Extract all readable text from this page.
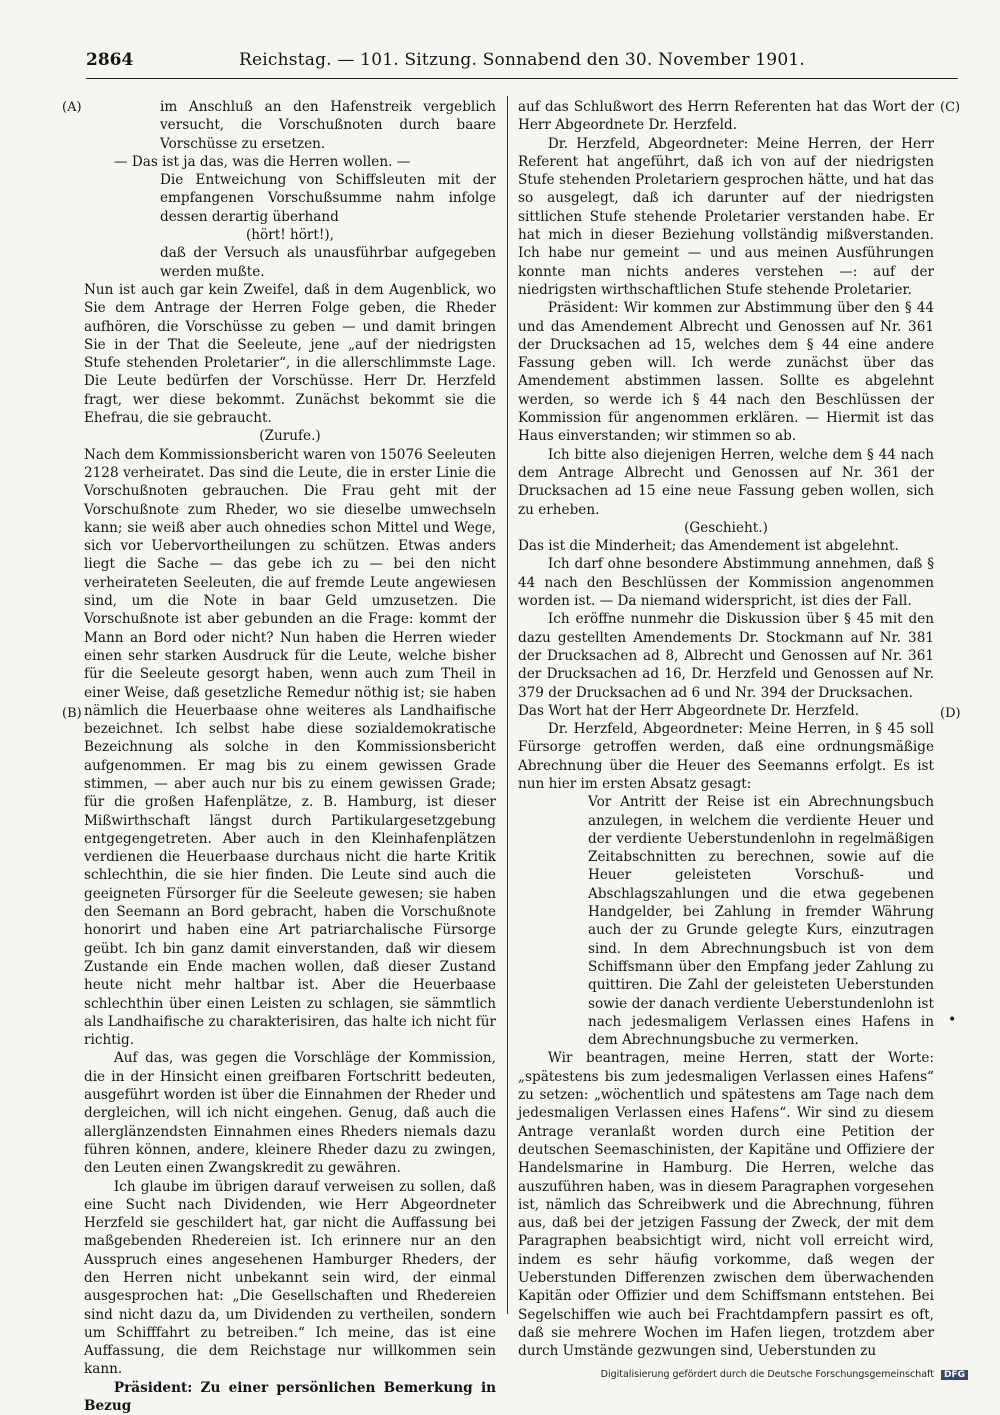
2864	Reichstag. — 101. Sitzung. Sonnabend den 30. November 1901.
(A)
(B)
(C)
(D)

im Anschluß an den Hafenstreik vergeblich versucht, die Vorschußnoten durch baare Vorschüsse zu ersetzen.

— Das ist ja das, was die Herren wollen. —

Die Entweichung von Schiffsleuten mit der empfangenen Vorschußsumme nahm infolge dessen derartig überhand

(hört! hört!),

daß der Versuch als unausführbar aufgegeben werden mußte.

Nun ist auch gar kein Zweifel, daß in dem Augenblick, wo Sie dem Antrage der Herren Folge geben, die Rheder aufhören, die Vorschüsse zu geben — und damit bringen Sie in der That die Seeleute, jene „auf der niedrigsten Stufe stehenden Proletarier“, in die allerschlimmste Lage. Die Leute bedürfen der Vorschüsse. Herr Dr. Herzfeld fragt, wer diese bekommt. Zunächst bekommt sie die Ehefrau, die sie gebraucht.

(Zurufe.)

Nach dem Kommissionsbericht waren von 15076 Seeleuten 2128 verheiratet. Das sind die Leute, die in erster Linie die Vorschußnoten gebrauchen. Die Frau geht mit der Vorschußnote zum Rheder, wo sie dieselbe umwechseln kann; sie weiß aber auch ohnedies schon Mittel und Wege, sich vor Uebervortheilungen zu schützen. Etwas anders liegt die Sache — das gebe ich zu — bei den nicht verheirateten Seeleuten, die auf fremde Leute angewiesen sind, um die Note in baar Geld umzusetzen. Die Vorschußnote ist aber gebunden an die Frage: kommt der Mann an Bord oder nicht? Nun haben die Herren wieder einen sehr starken Ausdruck für die Leute, welche bisher für die Seeleute gesorgt haben, wenn auch zum Theil in einer Weise, daß gesetzliche Remedur nöthig ist; sie haben nämlich die Heuerbaase ohne weiteres als Landhaifische bezeichnet. Ich selbst habe diese sozialdemokratische Bezeichnung als solche in den Kommissionsbericht aufgenommen. Er mag bis zu einem gewissen Grade stimmen, — aber auch nur bis zu einem gewissen Grade; für die großen Hafenplätze, z. B. Hamburg, ist dieser Mißwirthschaft längst durch Partikulargesetzgebung entgegengetreten. Aber auch in den Kleinhafenplätzen verdienen die Heuerbaase durchaus nicht die harte Kritik schlechthin, die sie hier finden. Die Leute sind auch die geeigneten Fürsorger für die Seeleute gewesen; sie haben den Seemann an Bord gebracht, haben die Vorschußnote honorirt und haben eine Art patriarchalische Fürsorge geübt. Ich bin ganz damit einverstanden, daß wir diesem Zustande ein Ende machen wollen, daß dieser Zustand heute nicht mehr haltbar ist. Aber die Heuerbaase schlechthin über einen Leisten zu schlagen, sie sämmtlich als Landhaifische zu charakterisiren, das halte ich nicht für richtig.

Auf das, was gegen die Vorschläge der Kommission, die in der Hinsicht einen greifbaren Fortschritt bedeuten, ausgeführt worden ist über die Einnahmen der Rheder und dergleichen, will ich nicht eingehen. Genug, daß auch die allerglänzendsten Einnahmen eines Rheders niemals dazu führen können, andere, kleinere Rheder dazu zu zwingen, den Leuten einen Zwangskredit zu gewähren.

Ich glaube im übrigen darauf verweisen zu sollen, daß eine Sucht nach Dividenden, wie Herr Abgeordneter Herzfeld sie geschildert hat, gar nicht die Auffassung bei maßgebenden Rhedereien ist. Ich erinnere nur an den Ausspruch eines angesehenen Hamburger Rheders, der den Herren nicht unbekannt sein wird, der einmal ausgesprochen hat: „Die Gesellschaften und Rhedereien sind nicht dazu da, um Dividenden zu vertheilen, sondern um Schifffahrt zu betreiben.“ Ich meine, das ist eine Auffassung, die dem Reichstage nur willkommen sein kann.

Präsident: Zu einer persönlichen Bemerkung in Bezug

auf das Schlußwort des Herrn Referenten hat das Wort der Herr Abgeordnete Dr. Herzfeld.

Dr. Herzfeld, Abgeordneter: Meine Herren, der Herr Referent hat angeführt, daß ich von auf der niedrigsten Stufe stehenden Proletariern gesprochen hätte, und hat das so ausgelegt, daß ich darunter auf der niedrigsten sittlichen Stufe stehende Proletarier verstanden habe. Er hat mich in dieser Beziehung vollständig mißverstanden. Ich habe nur gemeint — und aus meinen Ausführungen konnte man nichts anderes verstehen —: auf der niedrigsten wirthschaftlichen Stufe stehende Proletarier.

Präsident: Wir kommen zur Abstimmung über den § 44 und das Amendement Albrecht und Genossen auf Nr. 361 der Drucksachen ad 15, welches dem § 44 eine andere Fassung geben will. Ich werde zunächst über das Amendement abstimmen lassen. Sollte es abgelehnt werden, so werde ich § 44 nach den Beschlüssen der Kommission für angenommen erklären. — Hiermit ist das Haus einverstanden; wir stimmen so ab.

Ich bitte also diejenigen Herren, welche dem § 44 nach dem Antrage Albrecht und Genossen auf Nr. 361 der Drucksachen ad 15 eine neue Fassung geben wollen, sich zu erheben.

(Geschieht.)

Das ist die Minderheit; das Amendement ist abgelehnt.

Ich darf ohne besondere Abstimmung annehmen, daß § 44 nach den Beschlüssen der Kommission angenommen worden ist. — Da niemand widerspricht, ist dies der Fall.

Ich eröffne nunmehr die Diskussion über § 45 mit den dazu gestellten Amendements Dr. Stockmann auf Nr. 381 der Drucksachen ad 8, Albrecht und Genossen auf Nr. 361 der Drucksachen ad 16, Dr. Herzfeld und Genossen auf Nr. 379 der Drucksachen ad 6 und Nr. 394 der Drucksachen.

Das Wort hat der Herr Abgeordnete Dr. Herzfeld.

Dr. Herzfeld, Abgeordneter: Meine Herren, in § 45 soll Fürsorge getroffen werden, daß eine ordnungsmäßige Abrechnung über die Heuer des Seemanns erfolgt. Es ist nun hier im ersten Absatz gesagt:

Vor Antritt der Reise ist ein Abrechnungsbuch anzulegen, in welchem die verdiente Heuer und der verdiente Ueberstundenlohn in regelmäßigen Zeitabschnitten zu berechnen, sowie auf die Heuer geleisteten Vorschuß- und Abschlagszahlungen und die etwa gegebenen Handgelder, bei Zahlung in fremder Währung auch der zu Grunde gelegte Kurs, einzutragen sind. In dem Abrechnungsbuch ist von dem Schiffsmann über den Empfang jeder Zahlung zu quittiren. Die Zahl der geleisteten Ueberstunden sowie der danach verdiente Ueberstundenlohn ist nach jedesmaligem Verlassen eines Hafens in dem Abrechnungsbuche zu vermerken.

Wir beantragen, meine Herren, statt der Worte: „spätestens bis zum jedesmaligen Verlassen eines Hafens“ zu setzen: „wöchentlich und spätestens am Tage nach dem jedesmaligen Verlassen eines Hafens“. Wir sind zu diesem Antrage veranlaßt worden durch eine Petition der deutschen Seemaschinisten, der Kapitäne und Offiziere der Handelsmarine in Hamburg. Die Herren, welche das auszuführen haben, was in diesem Paragraphen vorgesehen ist, nämlich das Schreibwerk und die Abrechnung, führen aus, daß bei der jetzigen Fassung der Zweck, der mit dem Paragraphen beabsichtigt wird, nicht voll erreicht wird, indem es sehr häufig vorkomme, daß wegen der Ueberstunden Differenzen zwischen dem überwachenden Kapitän oder Offizier und dem Schiffsmann entstehen. Bei Segelschiffen wie auch bei Frachtdampfern passirt es oft, daß sie mehrere Wochen im Hafen liegen, trotzdem aber durch Umstände gezwungen sind, Ueberstunden zu

•
Digitalisierung gefördert durch die Deutsche Forschungsgemeinschaft DFG
